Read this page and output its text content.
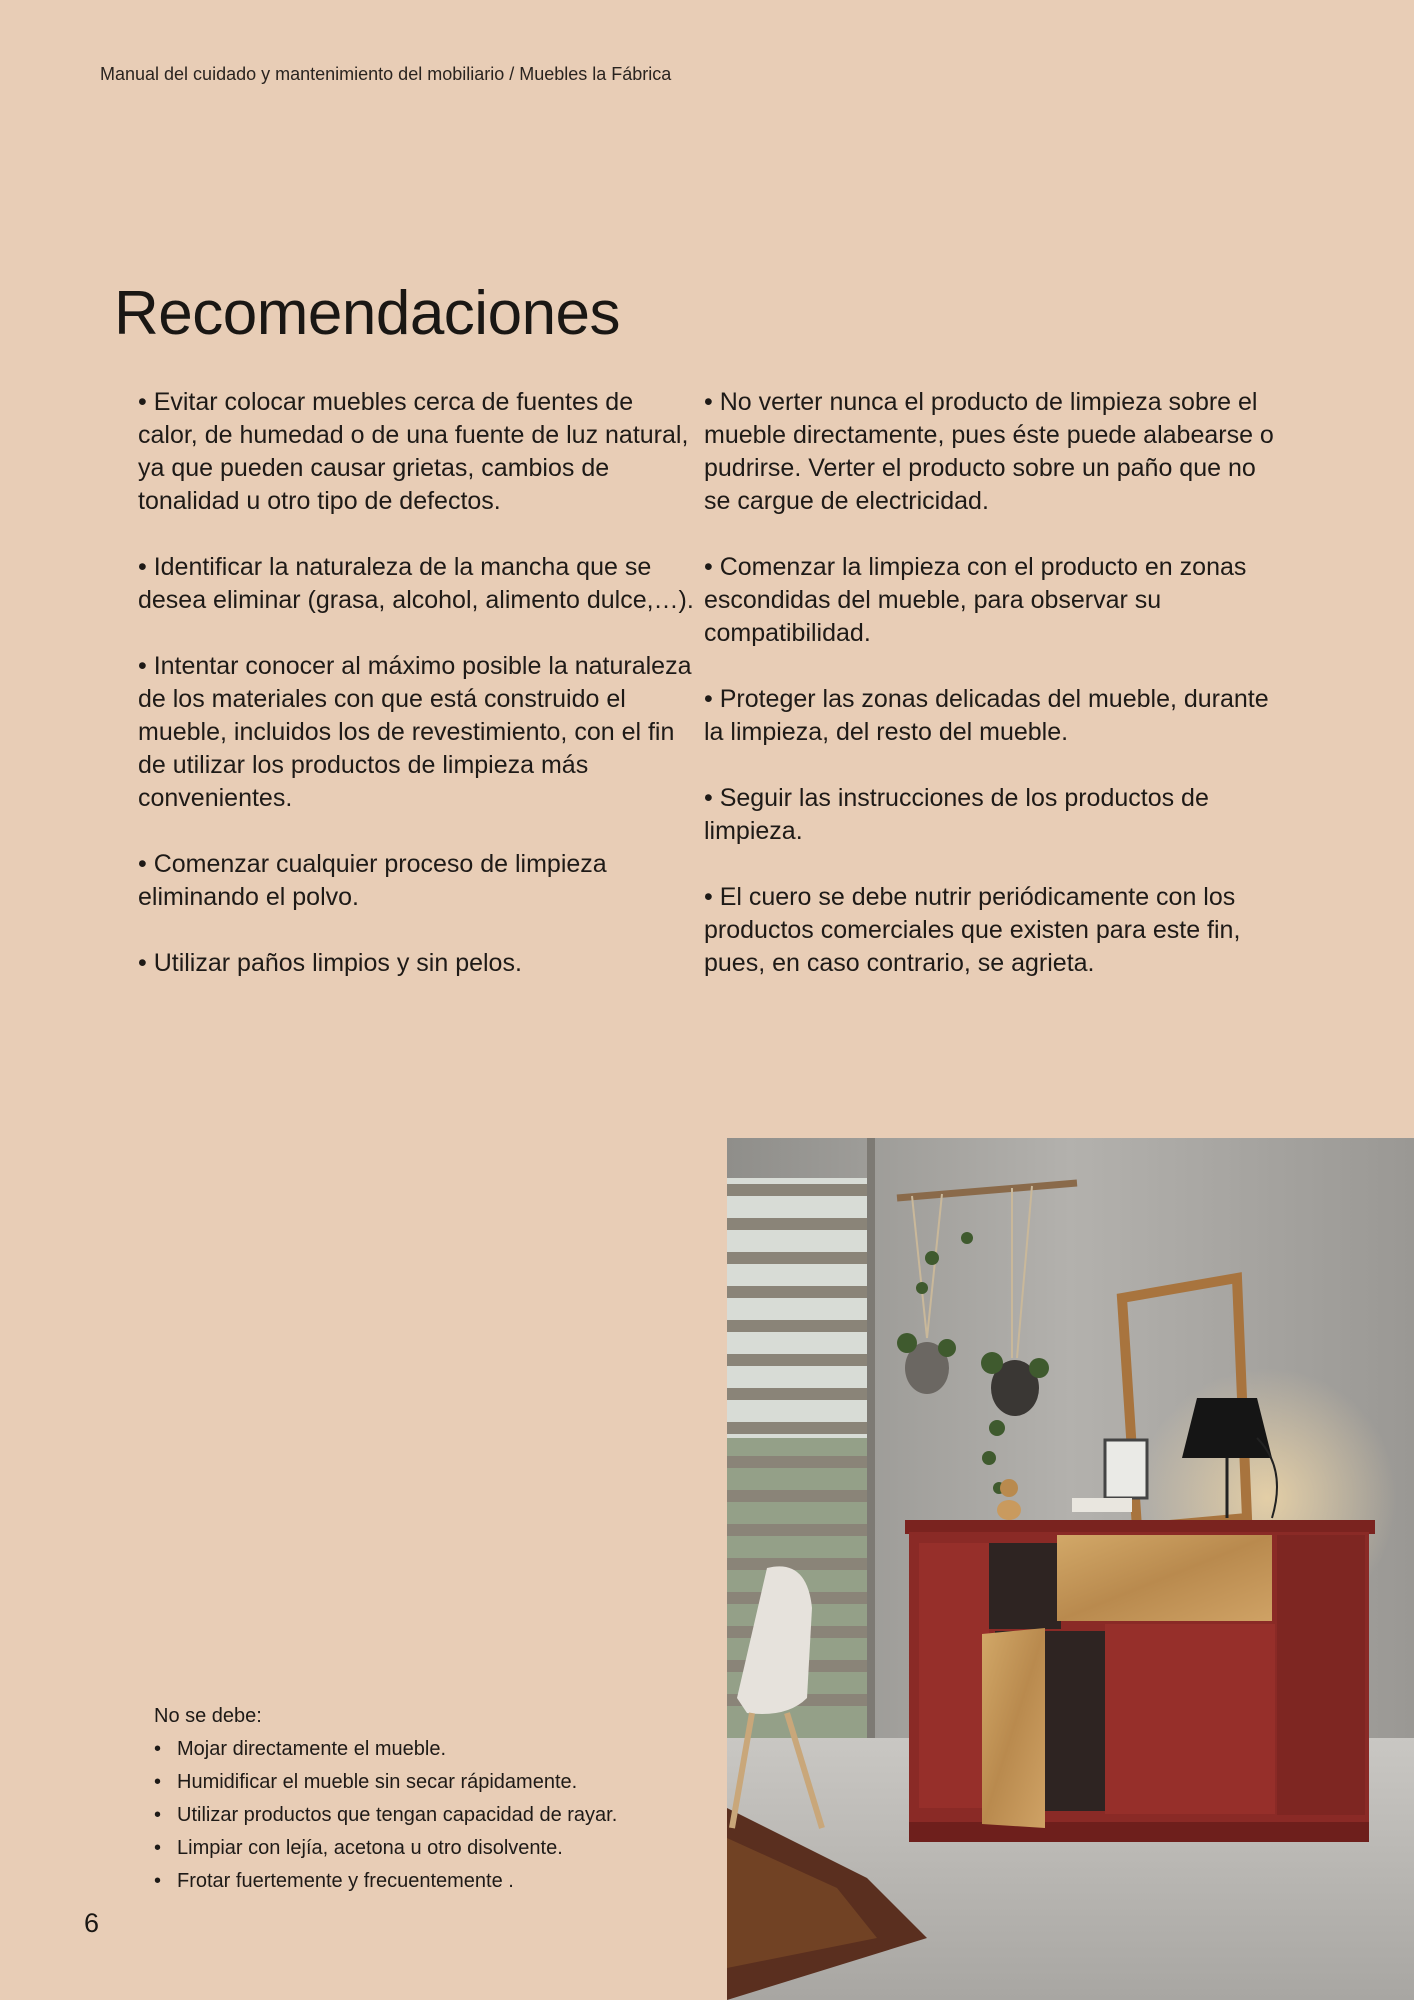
Manual del cuidado y mantenimiento del mobiliario / Muebles la Fábrica
Recomendaciones

• Evitar colocar muebles cerca de fuentes de calor, de humedad o de una fuente de luz natural, ya que pueden causar grietas, cambios de tonalidad u otro tipo de defectos.

• Identificar la naturaleza de la mancha que se desea eliminar (grasa, alcohol, alimento dulce,…).

• Intentar conocer al máximo posible la naturaleza de los materiales con que está construido el mueble, incluidos los de revestimiento, con el fin de utilizar los productos de limpieza más convenientes.

• Comenzar cualquier proceso de limpieza eliminando el polvo.

• Utilizar paños limpios y sin pelos.

• No verter nunca el producto de limpieza sobre el mueble directamente, pues éste puede alabearse o pudrirse. Verter el producto sobre un paño que no se cargue de electricidad.

• Comenzar la limpieza con el producto en zonas escondidas del mueble, para observar su compatibilidad.

• Proteger las zonas delicadas del mueble, durante la limpieza, del resto del mueble.

• Seguir las instrucciones de los productos de limpieza.

• El cuero se debe nutrir periódicamente con los productos comerciales que existen para este fin, pues, en caso contrario, se agrieta.

No se debe:
• Mojar directamente el mueble.
• Humidificar el mueble sin secar rápidamente.
• Utilizar productos que tengan capacidad de rayar.
• Limpiar con lejía, acetona u otro disolvente.
• Frotar fuertemente y frecuentemente .
6
